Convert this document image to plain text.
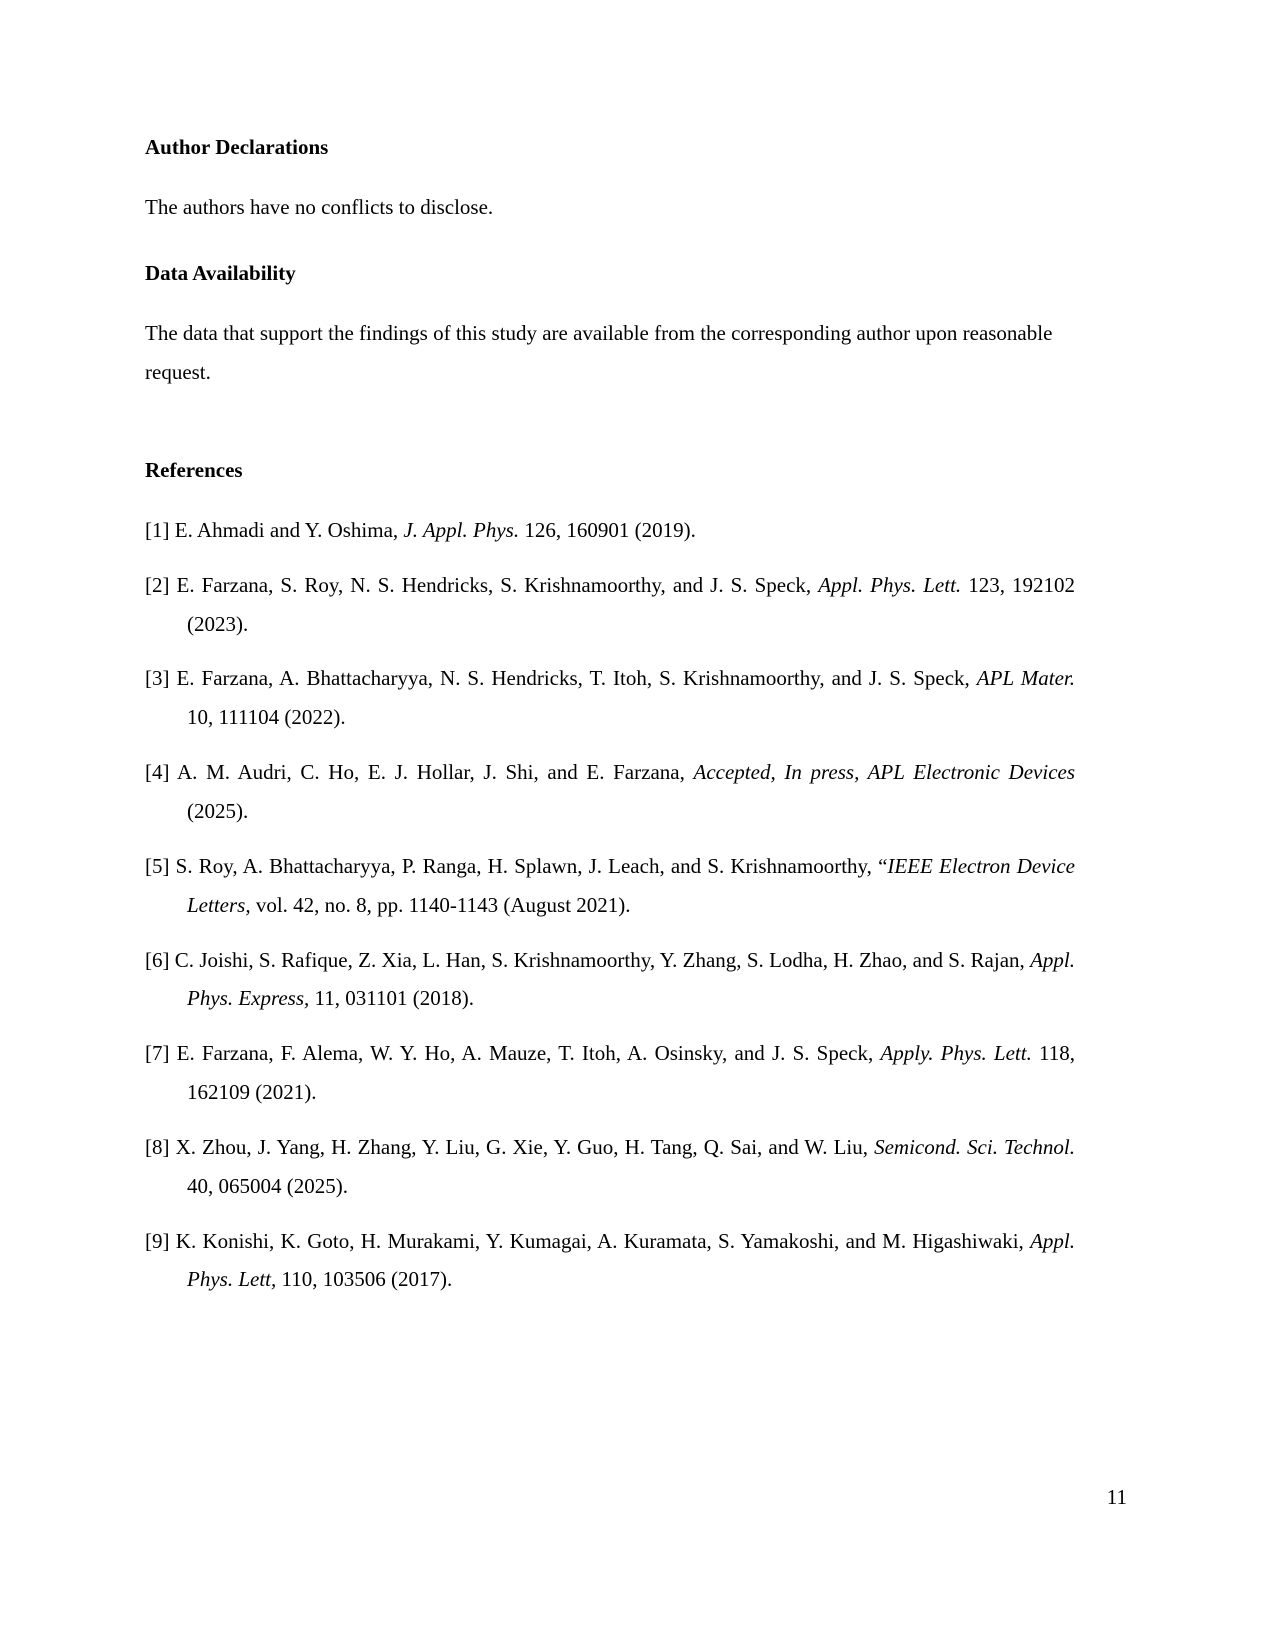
Author Declarations

The authors have no conflicts to disclose.

Data Availability

The data that support the findings of this study are available from the corresponding author upon reasonable request.

References
[1] E. Ahmadi and Y. Oshima, J. Appl. Phys. 126, 160901 (2019).
[2] E. Farzana, S. Roy, N. S. Hendricks, S. Krishnamoorthy, and J. S. Speck, Appl. Phys. Lett. 123, 192102 (2023).
[3] E. Farzana, A. Bhattacharyya, N. S. Hendricks, T. Itoh, S. Krishnamoorthy, and J. S. Speck, APL Mater. 10, 111104 (2022).
[4] A. M. Audri, C. Ho, E. J. Hollar, J. Shi, and E. Farzana, Accepted, In press, APL Electronic Devices (2025).
[5] S. Roy, A. Bhattacharyya, P. Ranga, H. Splawn, J. Leach, and S. Krishnamoorthy, “IEEE Electron Device Letters, vol. 42, no. 8, pp. 1140-1143 (August 2021).
[6] C. Joishi, S. Rafique, Z. Xia, L. Han, S. Krishnamoorthy, Y. Zhang, S. Lodha, H. Zhao, and S. Rajan, Appl. Phys. Express, 11, 031101 (2018).
[7] E. Farzana, F. Alema, W. Y. Ho, A. Mauze, T. Itoh, A. Osinsky, and J. S. Speck, Apply. Phys. Lett. 118, 162109 (2021).
[8] X. Zhou, J. Yang, H. Zhang, Y. Liu, G. Xie, Y. Guo, H. Tang, Q. Sai, and W. Liu, Semicond. Sci. Technol. 40, 065004 (2025).
[9] K. Konishi, K. Goto, H. Murakami, Y. Kumagai, A. Kuramata, S. Yamakoshi, and M. Higashiwaki, Appl. Phys. Lett, 110, 103506 (2017).
11
